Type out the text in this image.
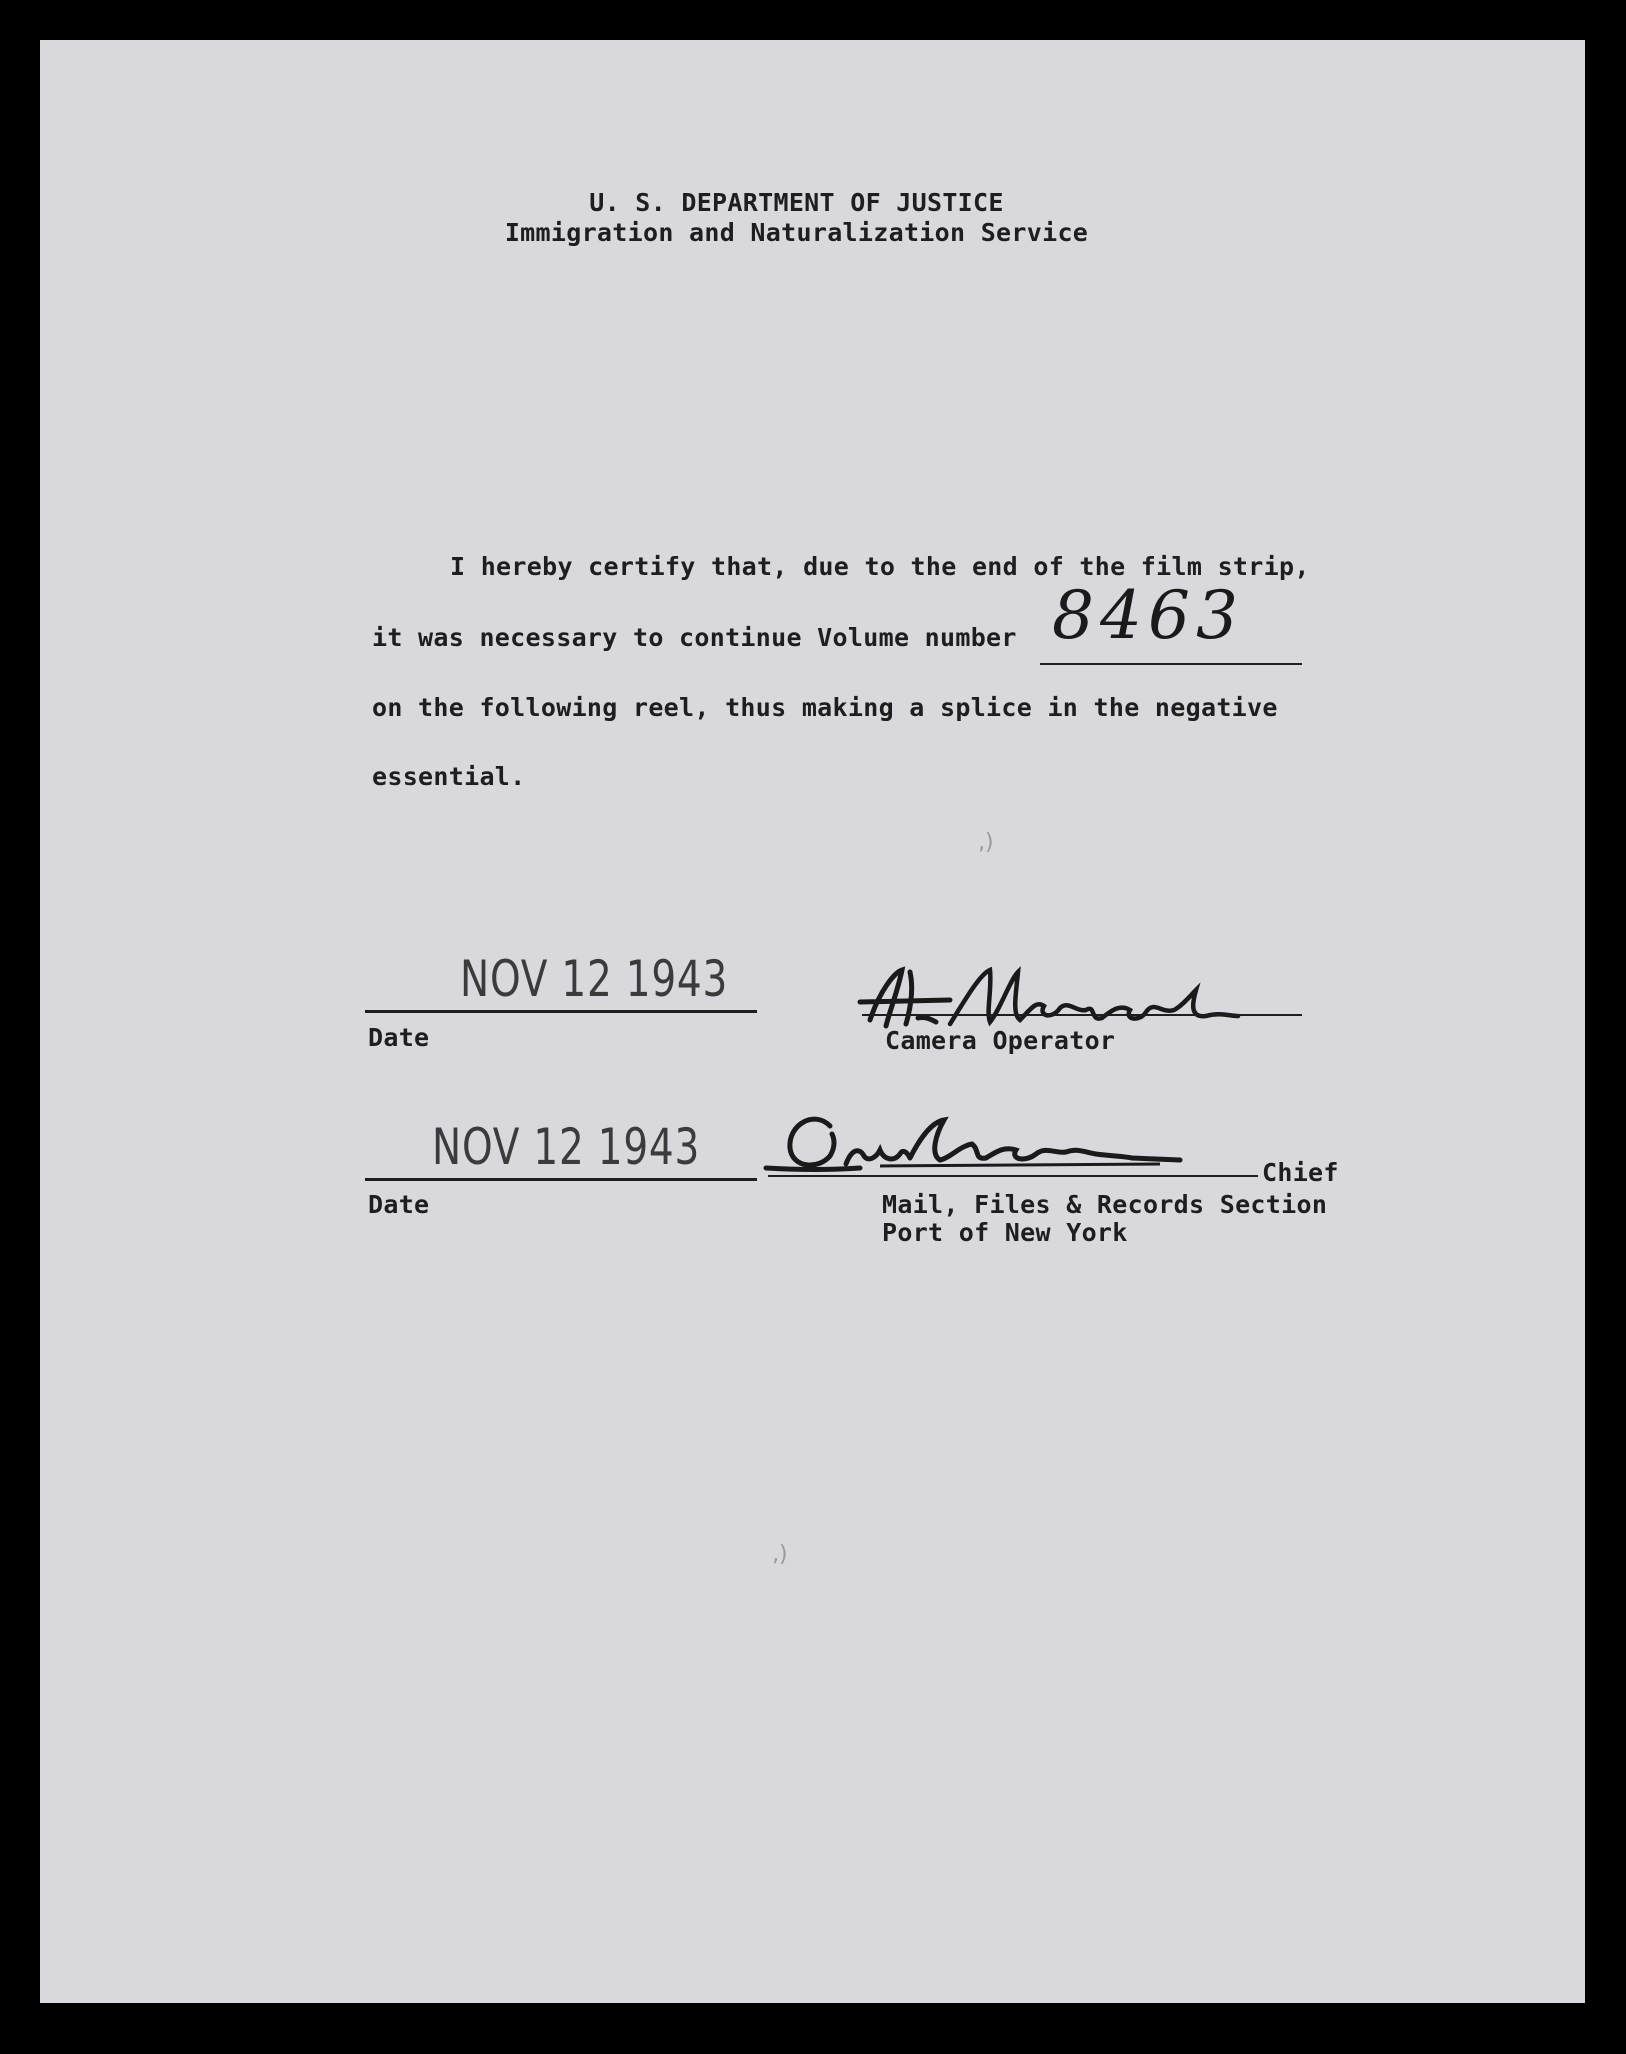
U. S. DEPARTMENT OF JUSTICE

Immigration and Naturalization Service

I hereby certify that, due to the end of the film strip,

it was necessary to continue Volume number 8463

on the following reel, thus making a splice in the negative

essential.

‚)
NOV 12 1943

Date	Camera Operator

NOV 12 1943

Date

Chief

Mail, Files & Records Section

Port of New York

‚)
